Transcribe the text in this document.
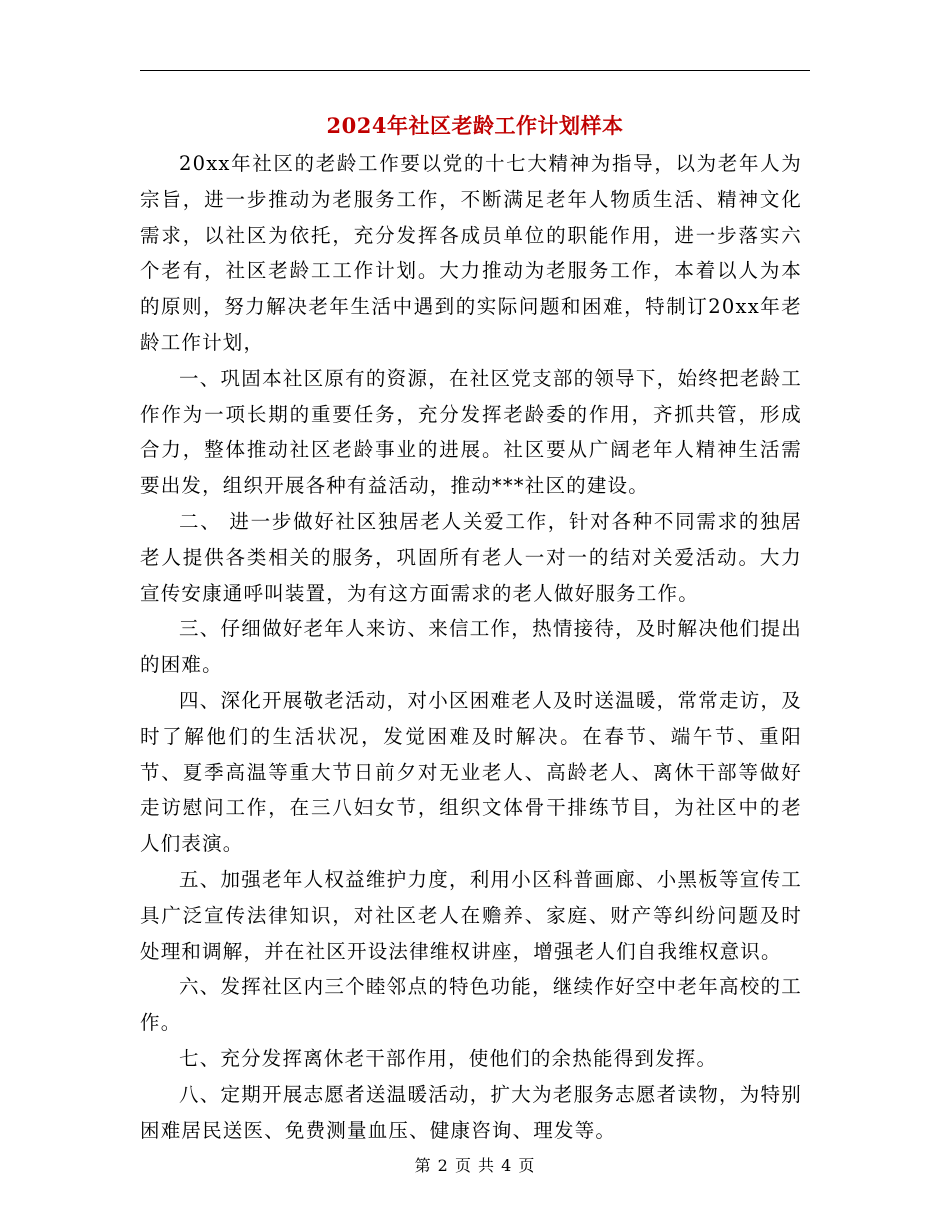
2024年社区老龄工作计划样本

20xx年社区的老龄工作要以党的十七大精神为指导，以为老年人为宗旨，进一步推动为老服务工作，不断满足老年人物质生活、精神文化需求，以社区为依托，充分发挥各成员单位的职能作用，进一步落实六个老有，社区老龄工工作计划。大力推动为老服务工作，本着以人为本的原则，努力解决老年生活中遇到的实际问题和困难，特制订20xx年老龄工作计划，

一、巩固本社区原有的资源，在社区党支部的领导下，始终把老龄工作作为一项长期的重要任务，充分发挥老龄委的作用，齐抓共管，形成合力，整体推动社区老龄事业的进展。社区要从广阔老年人精神生活需要出发，组织开展各种有益活动，推动***社区的建设。

二、 进一步做好社区独居老人关爱工作，针对各种不同需求的独居老人提供各类相关的服务，巩固所有老人一对一的结对关爱活动。大力宣传安康通呼叫装置，为有这方面需求的老人做好服务工作。

三、仔细做好老年人来访、来信工作，热情接待，及时解决他们提出的困难。

四、深化开展敬老活动，对小区困难老人及时送温暖，常常走访，及时了解他们的生活状况，发觉困难及时解决。在春节、端午节、重阳节、夏季高温等重大节日前夕对无业老人、高龄老人、离休干部等做好走访慰问工作，在三八妇女节，组织文体骨干排练节目，为社区中的老人们表演。

五、加强老年人权益维护力度，利用小区科普画廊、小黑板等宣传工具广泛宣传法律知识，对社区老人在赡养、家庭、财产等纠纷问题及时处理和调解，并在社区开设法律维权讲座，增强老人们自我维权意识。

六、发挥社区内三个睦邻点的特色功能，继续作好空中老年高校的工作。

七、充分发挥离休老干部作用，使他们的余热能得到发挥。

八、定期开展志愿者送温暖活动，扩大为老服务志愿者读物，为特别困难居民送医、免费测量血压、健康咨询、理发等。

第 2 页 共 4 页
